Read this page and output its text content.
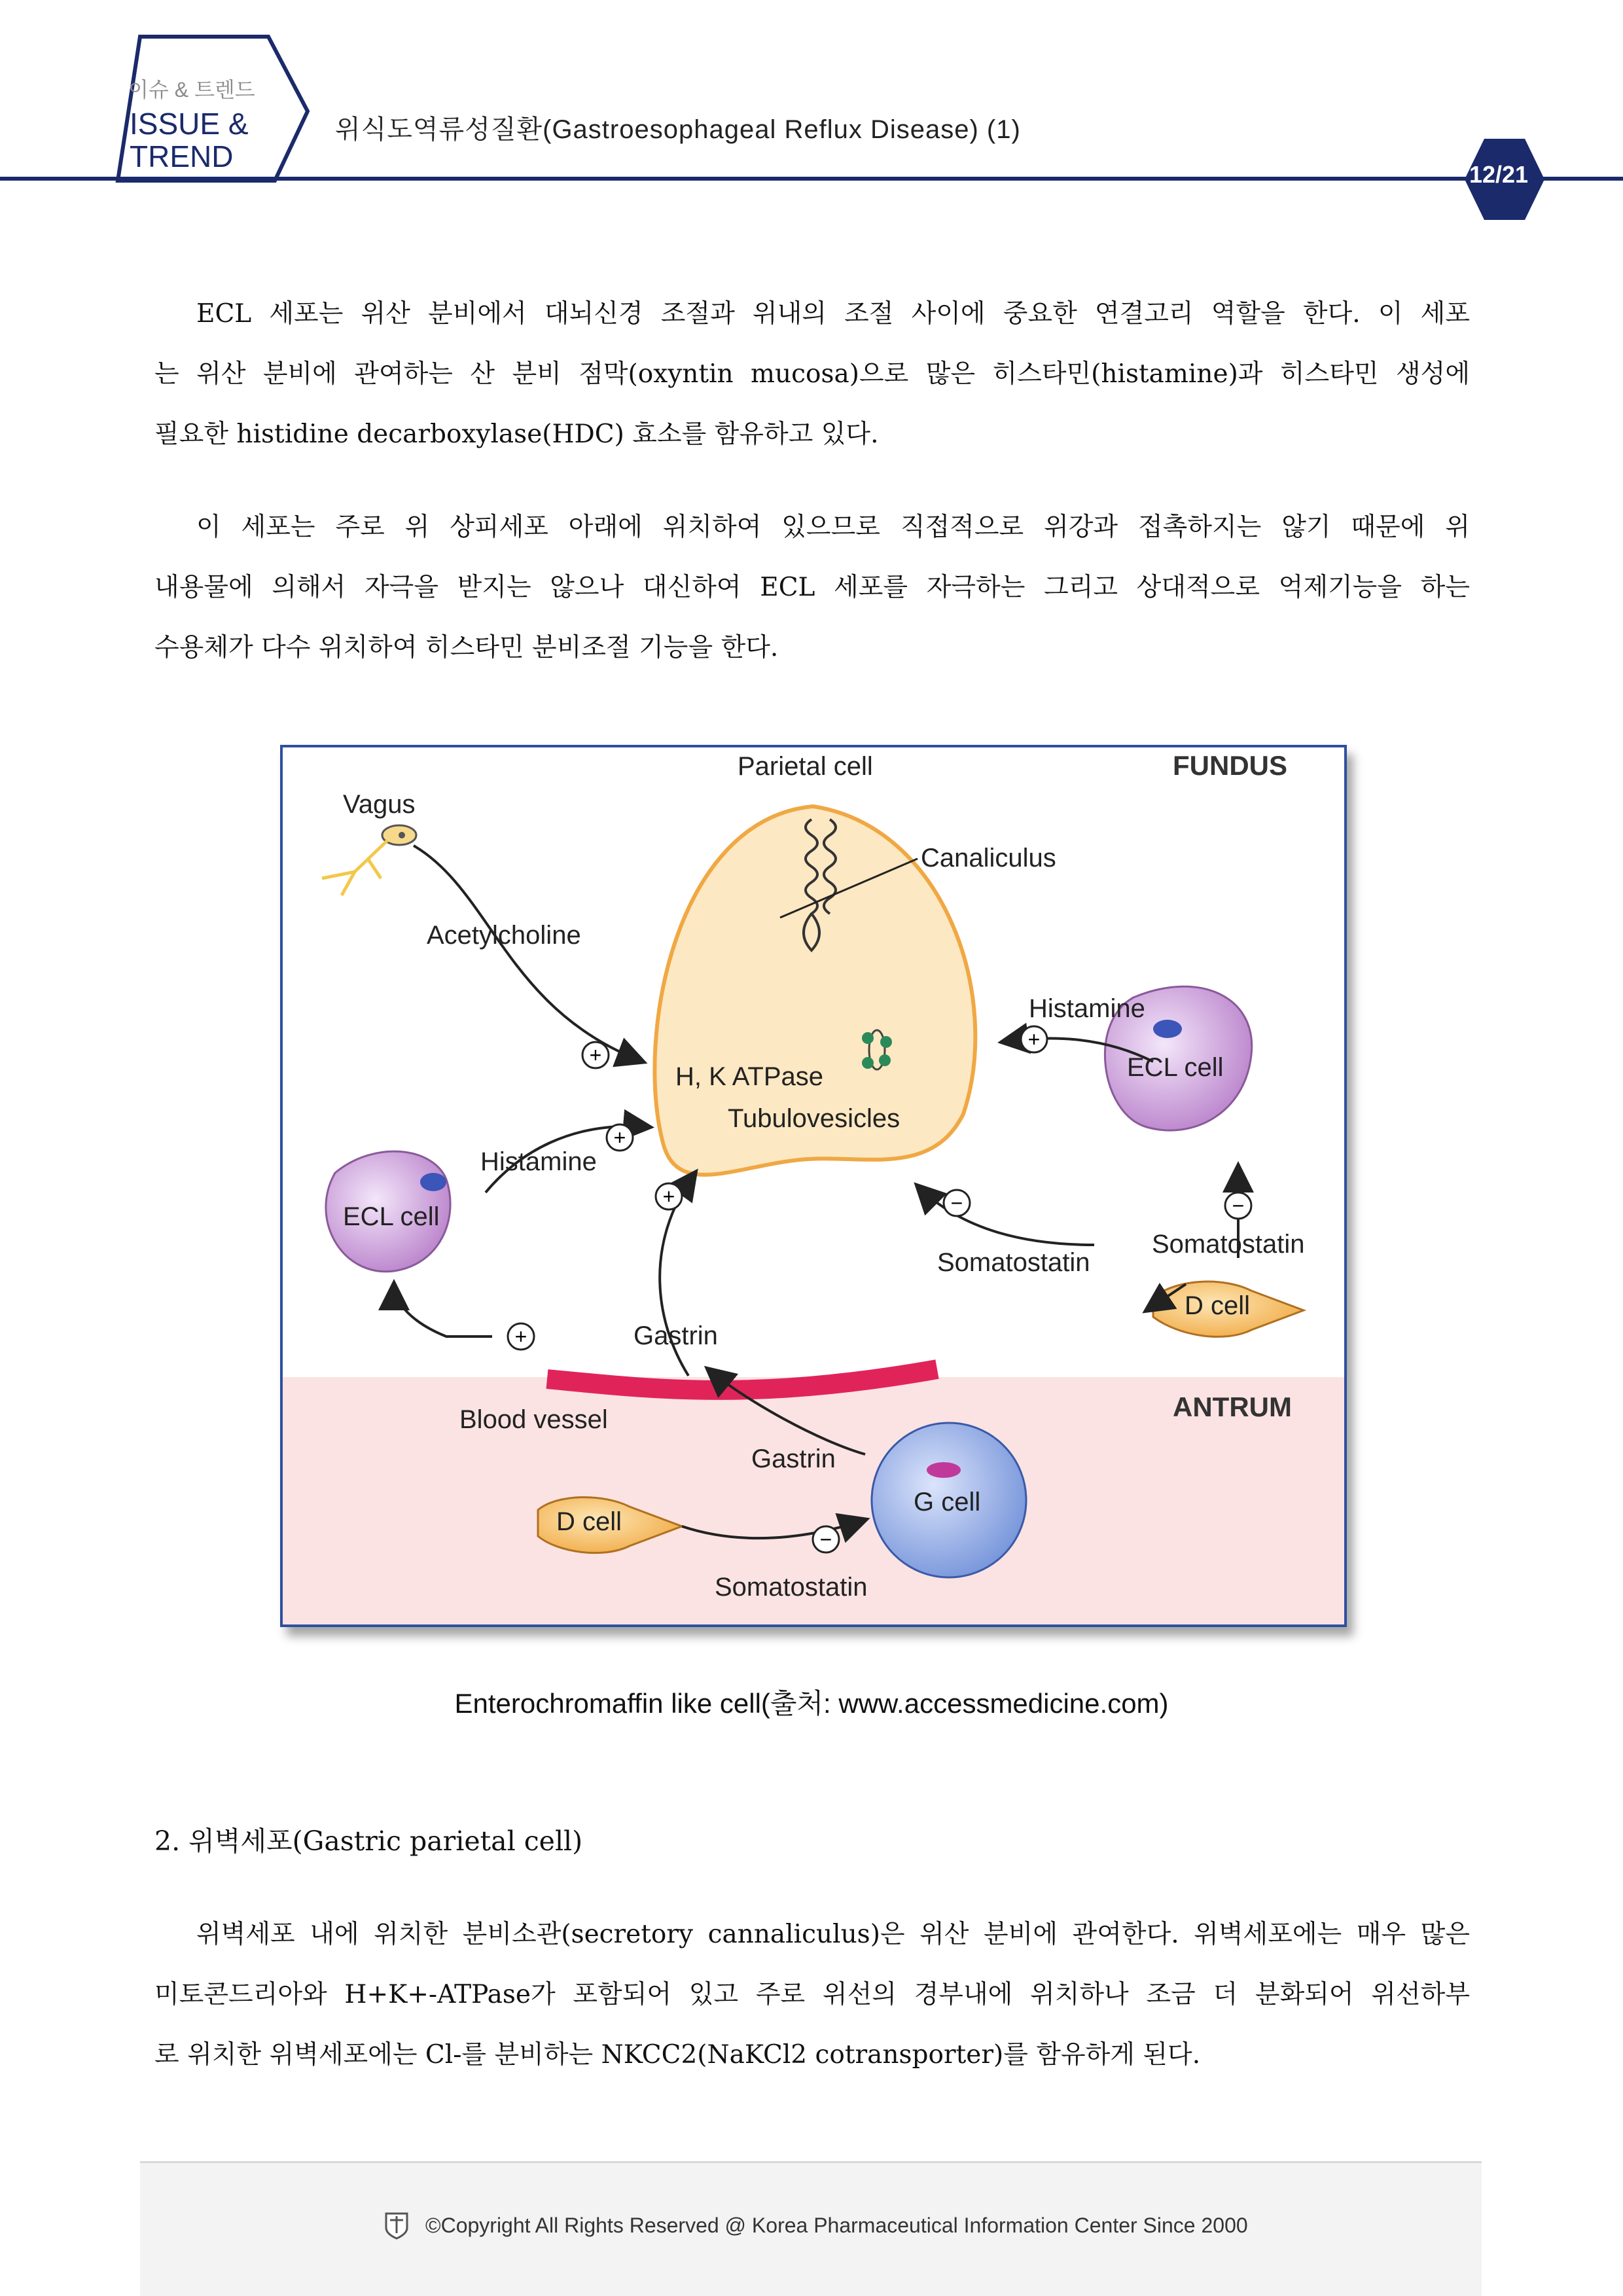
이슈 & 트렌드
ISSUE &
TREND
위식도역류성질환(Gastroesophageal Reflux Disease) (1)
12/21
ECL 세포는 위산 분비에서 대뇌신경 조절과 위내의 조절 사이에 중요한 연결고리 역할을 한다. 이 세포
는 위산 분비에 관여하는 산 분비 점막(oxyntin mucosa)으로 많은 히스타민(histamine)과 히스타민 생성에
필요한 histidine decarboxylase(HDC) 효소를 함유하고 있다.
이 세포는 주로 위 상피세포 아래에 위치하여 있으므로 직접적으로 위강과 접촉하지는 않기 때문에 위
내용물에 의해서 자극을 받지는 않으나 대신하여 ECL 세포를 자극하는 그리고 상대적으로 억제기능을 하는
수용체가 다수 위치하여 히스타민 분비조절 기능을 한다.
+
+
+
+
+
−	−
−
Parietal cell	FUNDUS
Vagus
Canaliculus
Acetylcholine
Histamine
H, K ATPase
Tubulovesicles
ECL cell
Histamine
ECL cell
Somatostatin
Somatostatin
D cell
Gastrin
ANTRUM
Blood vessel
Gastrin
G cell
D cell
Somatostatin
Enterochromaffin like cell(출처: www.accessmedicine.com)
2. 위벽세포(Gastric parietal cell)
위벽세포 내에 위치한 분비소관(secretory cannaliculus)은 위산 분비에 관여한다. 위벽세포에는 매우 많은
미토콘드리아와 H+K+-ATPase가 포함되어 있고 주로 위선의 경부내에 위치하나 조금 더 분화되어 위선하부
로 위치한 위벽세포에는 Cl-를 분비하는 NKCC2(NaKCl2 cotransporter)를 함유하게 된다.
©Copyright All Rights Reserved @ Korea Pharmaceutical Information Center Since 2000
